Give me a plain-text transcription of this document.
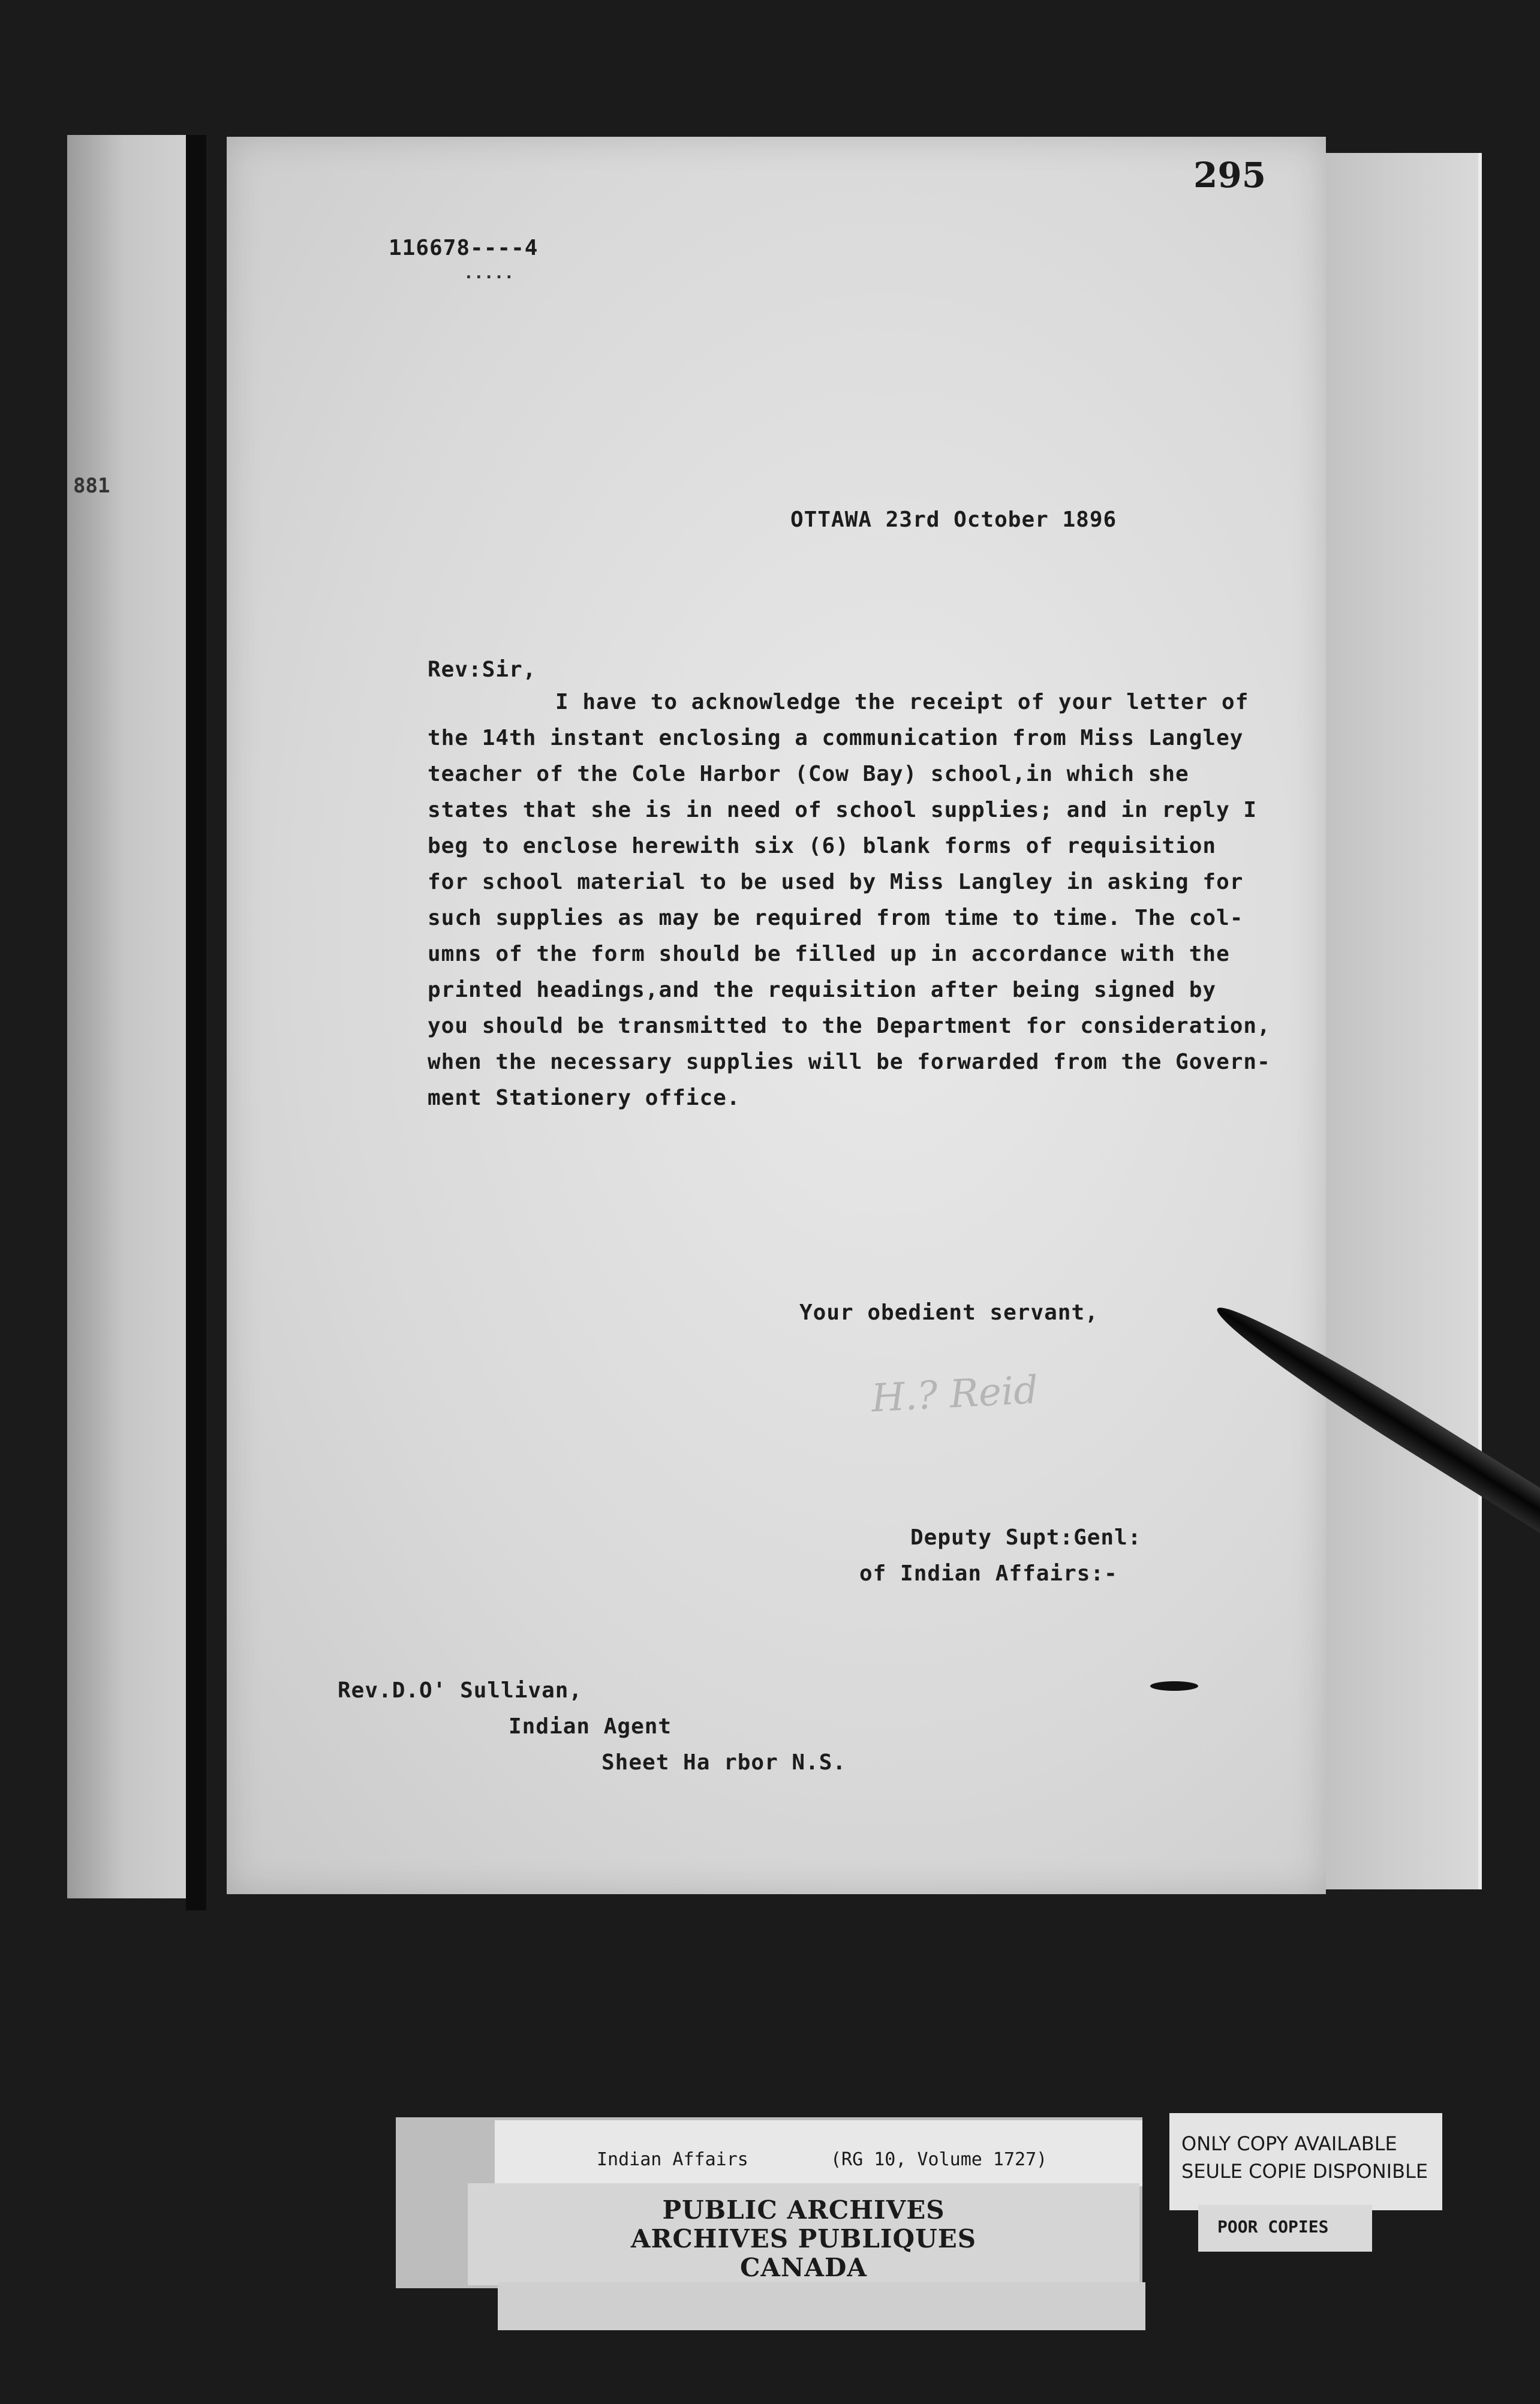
881
295
116678----4
.....
OTTAWA 23rd October 1896
Rev:Sir,
I have to acknowledge the receipt of your letter of
the 14th instant enclosing a communication from Miss Langley
teacher of the Cole Harbor (Cow Bay) school,in which she
states that she is in need of school supplies; and in reply I
beg to enclose herewith six (6) blank forms of requisition
for school material to be used by Miss Langley in asking for
such supplies as may be required from time to time. The col-
umns of the form should be filled up in accordance with the
printed headings,and the requisition after being signed by
you should be transmitted to the Department for consideration,
when the necessary supplies will be forwarded from the Govern-
ment Stationery office.
Your obedient servant,
H.? Reid
Deputy Supt:Genl:
of Indian Affairs:-
Rev.D.O' Sullivan,
Indian Agent
Sheet Ha rbor N.S.
Indian Affairs	(RG 10, Volume 1727)
PUBLIC ARCHIVES
ARCHIVES PUBLIQUES
CANADA
ONLY COPY AVAILABLE
SEULE COPIE DISPONIBLE
POOR COPIES
